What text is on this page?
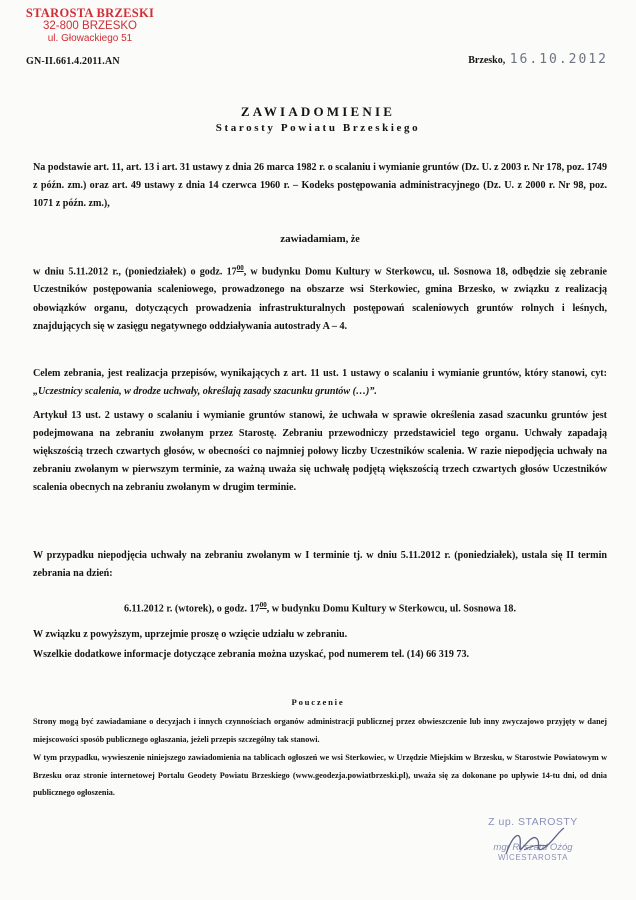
STAROSTA BRZESKI
32-800 BRZESKO
ul. Głowackiego 51
GN-II.661.4.2011.AN	Brzesko, 16.10.2012
ZAWIADOMIENIE
Starosty Powiatu Brzeskiego

Na podstawie art. 11, art. 13 i art. 31 ustawy z dnia 26 marca 1982 r. o scalaniu i wymianie gruntów (Dz. U. z 2003 r. Nr 178, poz. 1749 z późn. zm.) oraz art. 49 ustawy z dnia 14 czerwca 1960 r. – Kodeks postępowania administracyjnego (Dz. U. z 2000 r. Nr 98, poz. 1071 z późn. zm.),

zawiadamiam, że

w dniu 5.11.2012 r., (poniedziałek) o godz. $17^{00}$, w budynku Domu Kultury w Sterkowcu, ul. Sosnowa 18, odbędzie się zebranie Uczestników postępowania scaleniowego, prowadzonego na obszarze wsi Sterkowiec, gmina Brzesko, w związku z realizacją obowiązków organu, dotyczących prowadzenia infrastrukturalnych postępowań scaleniowych gruntów rolnych i leśnych, znajdujących się w zasięgu negatywnego oddziaływania autostrady A – 4.

Celem zebrania, jest realizacja przepisów, wynikających z art. 11 ust. 1 ustawy o scalaniu i wymianie gruntów, który stanowi, cyt: „Uczestnicy scalenia, w drodze uchwały, określają zasady szacunku gruntów (…)”.

Artykuł 13 ust. 2 ustawy o scalaniu i wymianie gruntów stanowi, że uchwała w sprawie określenia zasad szacunku gruntów jest podejmowana na zebraniu zwołanym przez Starostę. Zebraniu przewodniczy przedstawiciel tego organu. Uchwały zapadają większością trzech czwartych głosów, w obecności co najmniej połowy liczby Uczestników scalenia. W razie niepodjęcia uchwały na zebraniu zwołanym w pierwszym terminie, za ważną uważa się uchwałę podjętą większością trzech czwartych głosów Uczestników scalenia obecnych na zebraniu zwołanym w drugim terminie.

W przypadku niepodjęcia uchwały na zebraniu zwołanym w I terminie tj. w dniu 5.11.2012 r. (poniedziałek), ustala się II termin zebrania na dzień:

6.11.2012 r. (wtorek), o godz. $17^{00}$, w budynku Domu Kultury w Sterkowcu, ul. Sosnowa 18.

W związku z powyższym, uprzejmie proszę o wzięcie udziału w zebraniu.

Wszelkie dodatkowe informacje dotyczące zebrania można uzyskać, pod numerem tel. (14) 66 319 73.

Pouczenie

Strony mogą być zawiadamiane o decyzjach i innych czynnościach organów administracji publicznej przez obwieszczenie lub inny zwyczajowo przyjęty w danej miejscowości sposób publicznego ogłaszania, jeżeli przepis szczególny tak stanowi.

W tym przypadku, wywieszenie niniejszego zawiadomienia na tablicach ogłoszeń we wsi Sterkowiec, w Urzędzie Miejskim w Brzesku, w Starostwie Powiatowym w Brzesku oraz stronie internetowej Portalu Geodety Powiatu Brzeskiego (www.geodezja.powiatbrzeski.pl), uważa się za dokonane po upływie 14-tu dni, od dnia publicznego ogłoszenia.

Z up. STAROSTY
mgr Ryszard Ożóg
WICESTAROSTA
